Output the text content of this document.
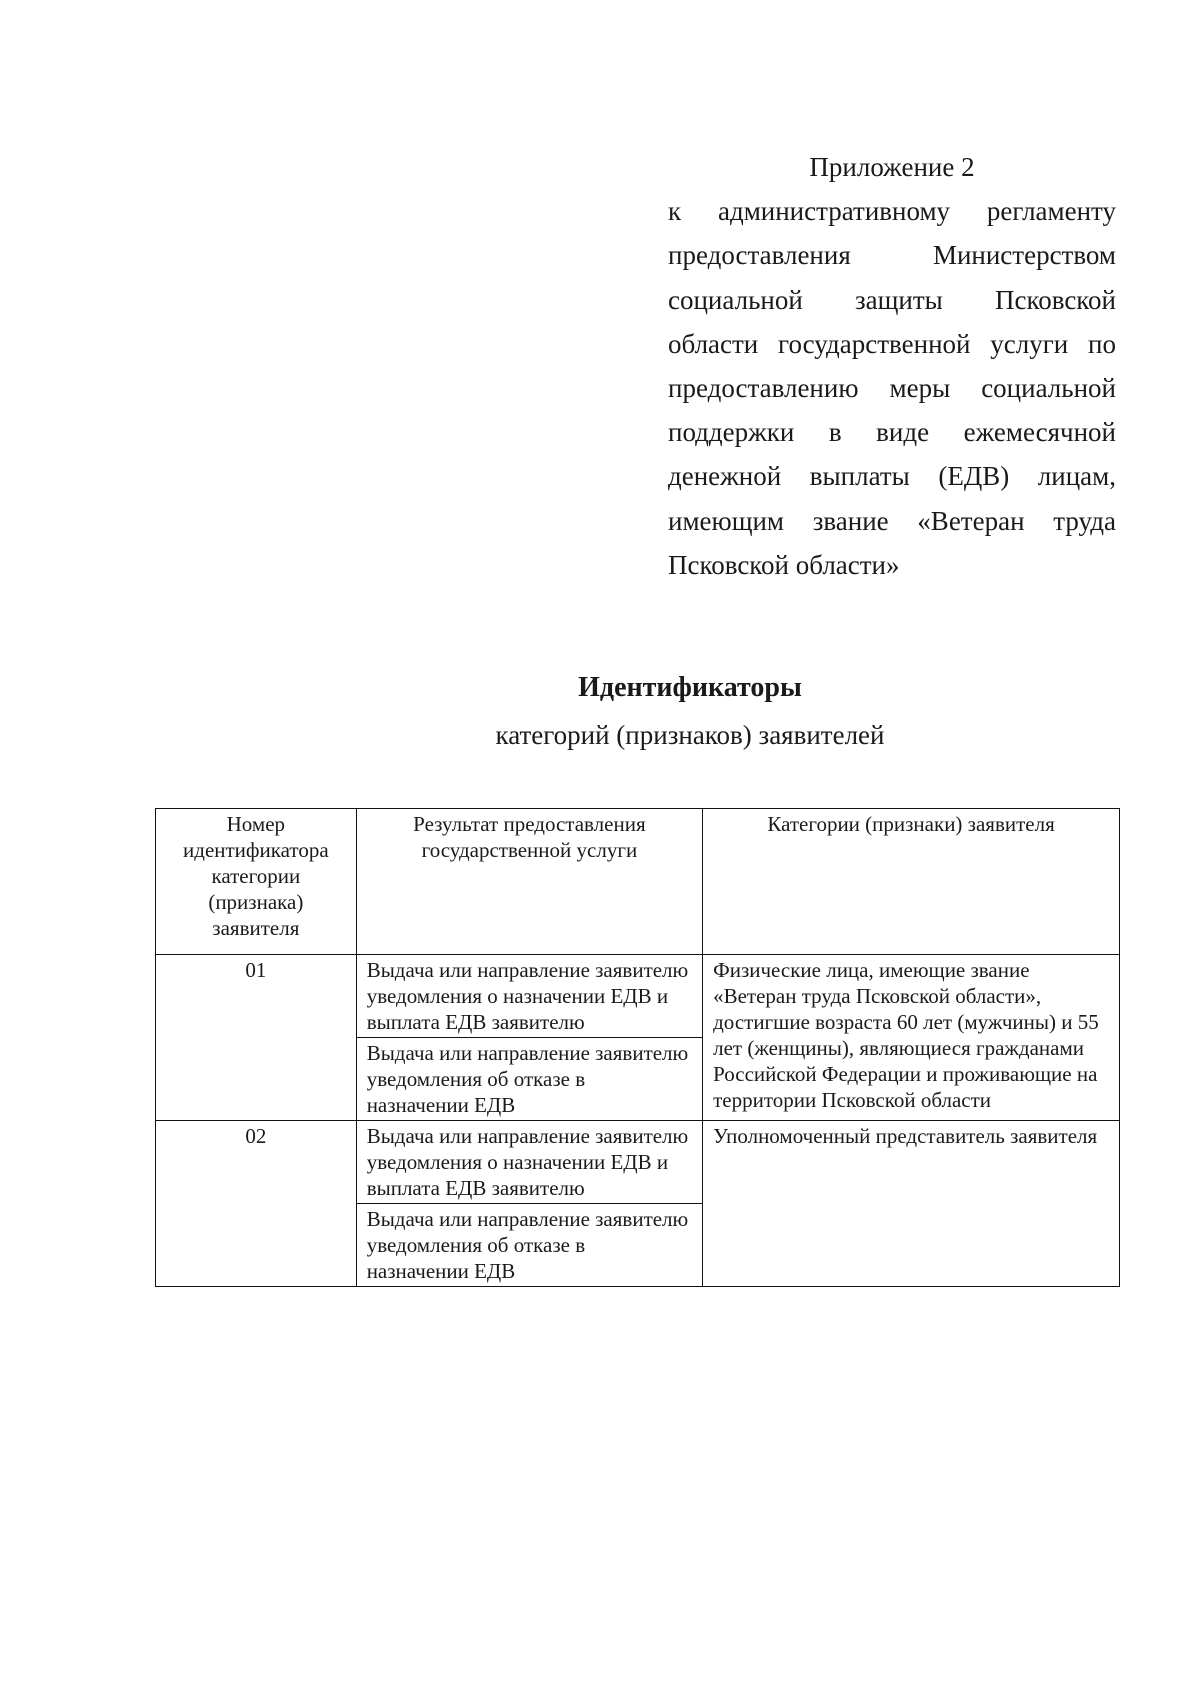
Приложение 2
к административному регламенту предоставления Министерством социальной защиты Псковской области государственной услуги по предоставлению меры социальной поддержки в виде ежемесячной денежной выплаты (ЕДВ) лицам, имеющим звание «Ветеран труда Псковской области»
Идентификаторы
категорий (признаков) заявителей
Номер идентификатора категории (признака) заявителя	Результат предоставления государственной услуги	Категории (признаки) заявителя
01	Выдача или направление заявителю уведомления о назначении ЕДВ и выплата ЕДВ заявителю	Физические лица, имеющие звание «Ветеран труда Псковской области», достигшие возраста 60 лет (мужчины) и 55 лет (женщины), являющиеся гражданами Российской Федерации и проживающие на территории Псковской области
	Выдача или направление заявителю уведомления об отказе в назначении ЕДВ	
02	Выдача или направление заявителю уведомления о назначении ЕДВ и выплата ЕДВ заявителю	Уполномоченный представитель заявителя
	Выдача или направление заявителю уведомления об отказе в назначении ЕДВ	
